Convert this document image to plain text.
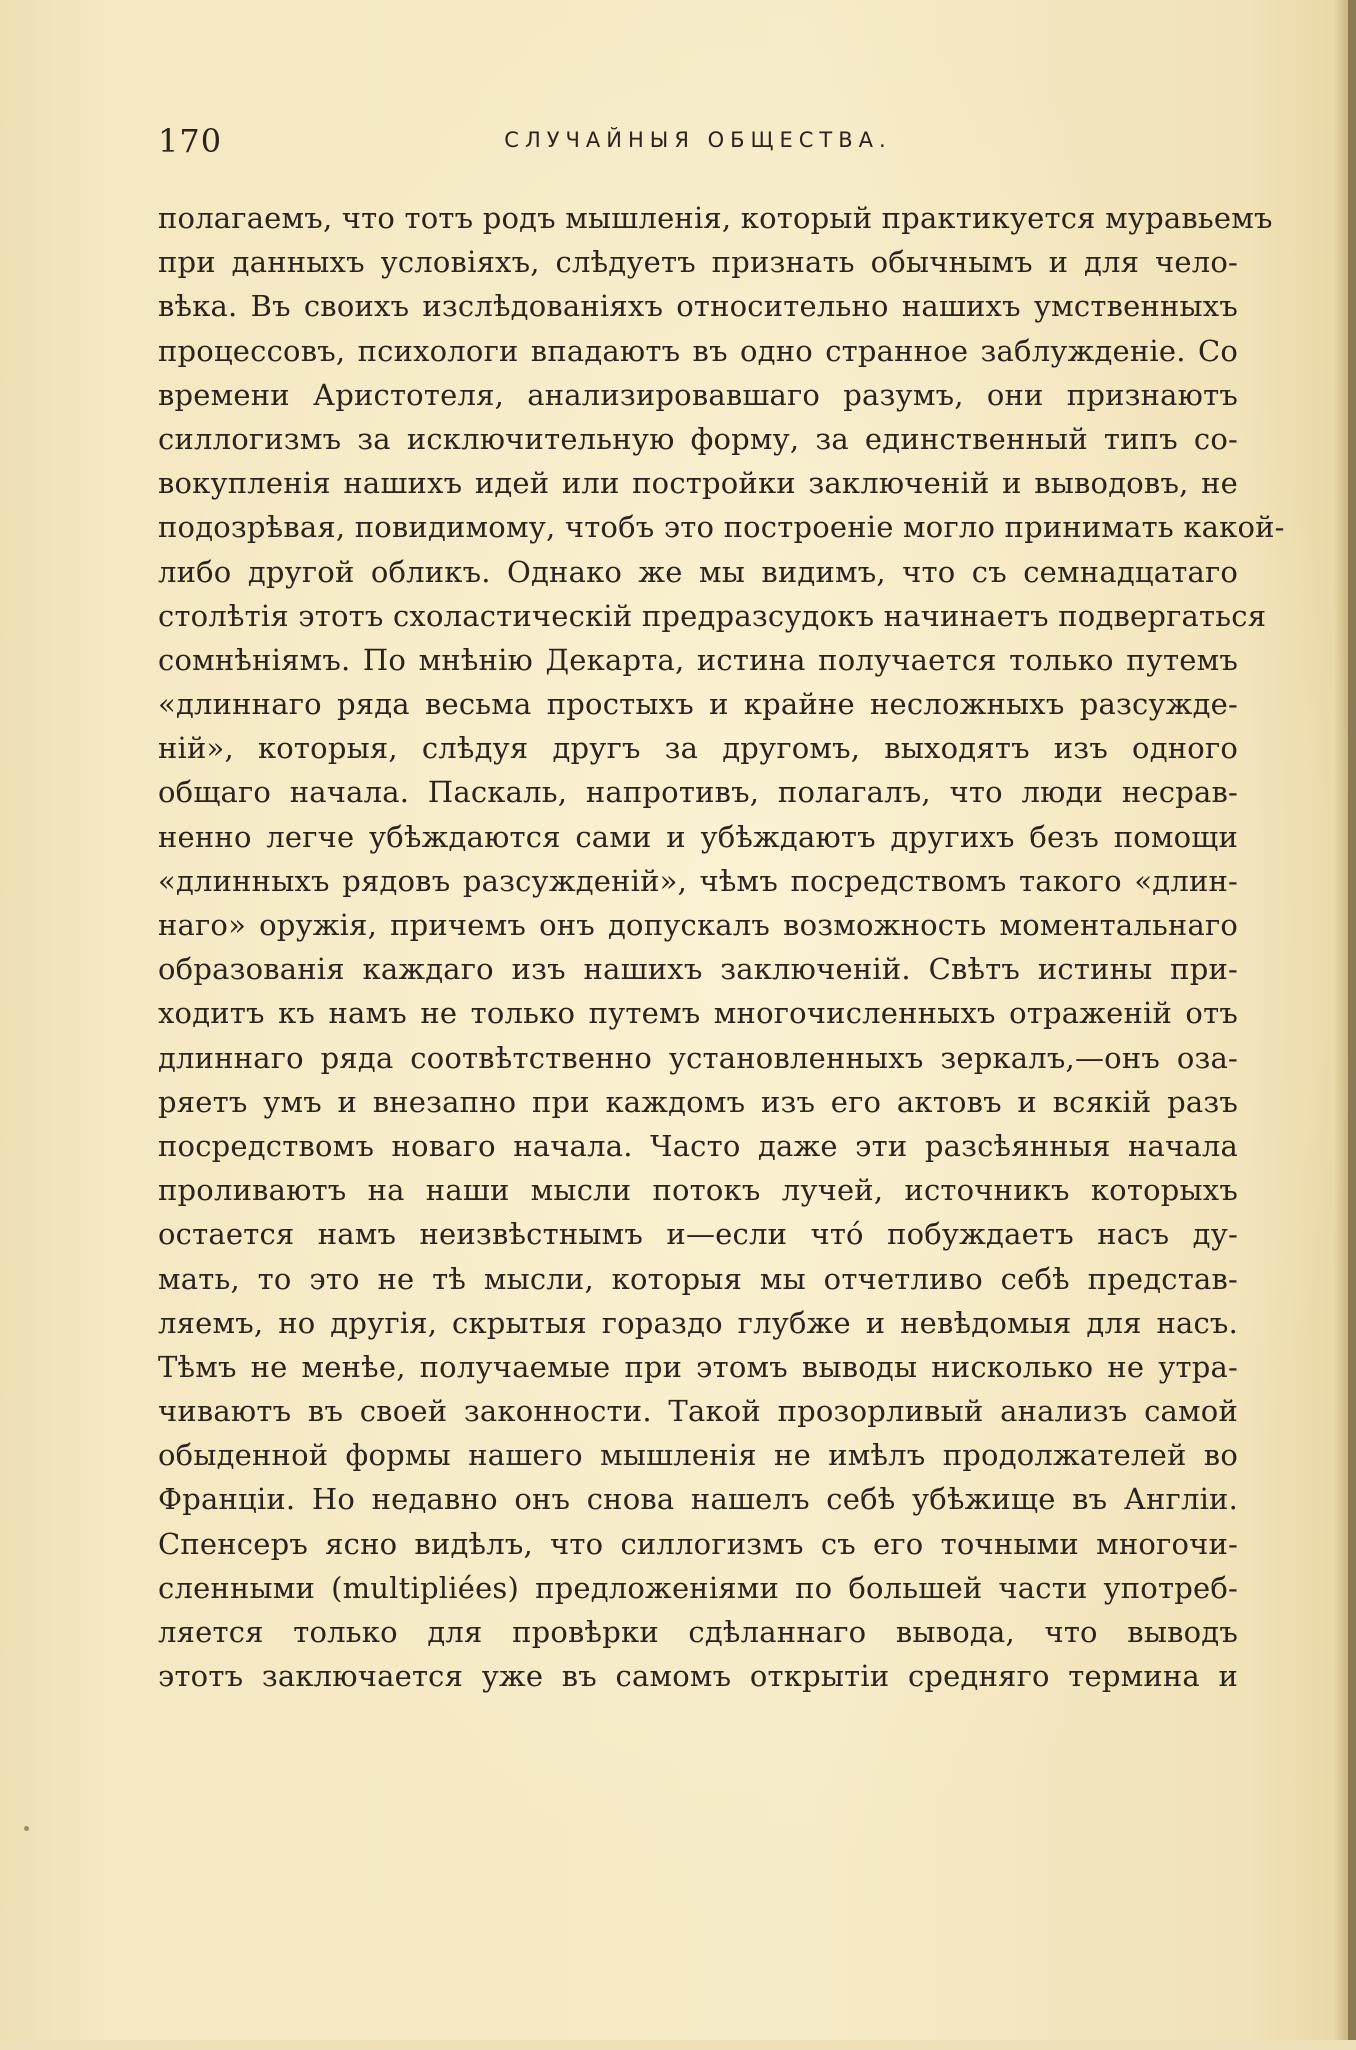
170	СЛУЧАЙНЫЯ ОБЩЕСТВА.
полагаемъ, что тотъ родъ мышленія, который практикуется муравьемъ
при данныхъ условіяхъ, слѣдуетъ признать обычнымъ и для чело-
вѣка. Въ своихъ изслѣдованіяхъ относительно нашихъ умственныхъ
процессовъ, психологи впадаютъ въ одно странное заблужденіе. Со
времени Аристотеля, анализировавшаго разумъ, они признаютъ
силлогизмъ за исключительную форму, за единственный типъ со-
вокупленія нашихъ идей или постройки заключеній и выводовъ, не
подозрѣвая, повидимому, чтобъ это построеніе могло принимать какой-
либо другой обликъ. Однако же мы видимъ, что съ семнадцатаго
столѣтія этотъ схоластическій предразсудокъ начинаетъ подвергаться
сомнѣніямъ. По мнѣнію Декарта, истина получается только путемъ
«длиннаго ряда весьма простыхъ и крайне несложныхъ разсужде-
ній», которыя, слѣдуя другъ за другомъ, выходятъ изъ одного
общаго начала. Паскаль, напротивъ, полагалъ, что люди несрав-
ненно легче убѣждаются сами и убѣждаютъ другихъ безъ помощи
«длинныхъ рядовъ разсужденій», чѣмъ посредствомъ такого «длин-
наго» оружія, причемъ онъ допускалъ возможность моментальнаго
образованія каждаго изъ нашихъ заключеній. Свѣтъ истины при-
ходитъ къ намъ не только путемъ многочисленныхъ отраженій отъ
длиннаго ряда соотвѣтственно установленныхъ зеркалъ,—онъ оза-
ряетъ умъ и внезапно при каждомъ изъ его актовъ и всякій разъ
посредствомъ новаго начала. Часто даже эти разсѣянныя начала
проливаютъ на наши мысли потокъ лучей, источникъ которыхъ
остается намъ неизвѣстнымъ и—если что́ побуждаетъ насъ ду-
мать, то это не тѣ мысли, которыя мы отчетливо себѣ представ-
ляемъ, но другія, скрытыя гораздо глубже и невѣдомыя для насъ.
Тѣмъ не менѣе, получаемые при этомъ выводы нисколько не утра-
чиваютъ въ своей законности. Такой прозорливый анализъ самой
обыденной формы нашего мышленія не имѣлъ продолжателей во
Франціи. Но недавно онъ снова нашелъ себѣ убѣжище въ Англіи.
Спенсеръ ясно видѣлъ, что силлогизмъ съ его точными многочи-
сленными (multipliées) предложеніями по большей части употреб-
ляется только для провѣрки сдѣланнаго вывода, что выводъ
этотъ заключается уже въ самомъ открытіи средняго термина и
